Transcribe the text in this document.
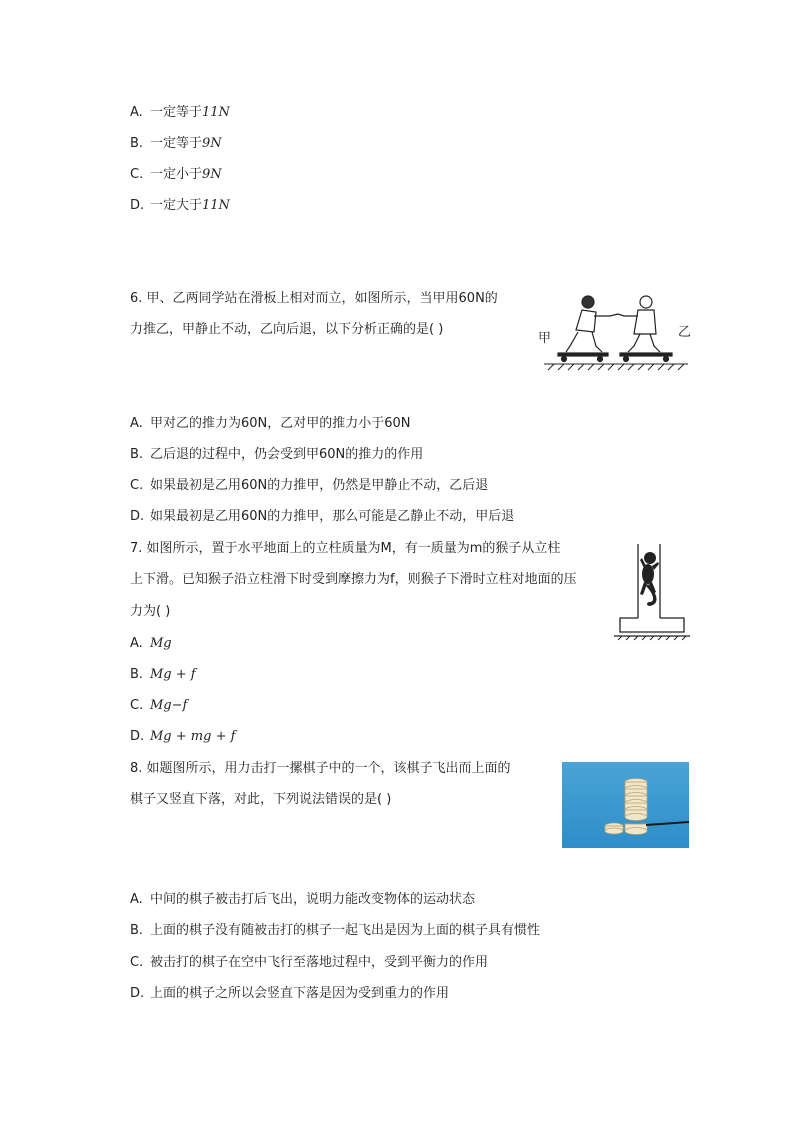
A. 一定等于11N
B. 一定等于9N
C. 一定小于9N
D. 一定大于11N
6. 甲、乙两同学站在滑板上相对而立，如图所示，当甲用60N的
力推乙，甲静止不动，乙向后退，以下分析正确的是( )
甲	乙
A. 甲对乙的推力为60N，乙对甲的推力小于60N
B. 乙后退的过程中，仍会受到甲60N的推力的作用
C. 如果最初是乙用60N的力推甲，仍然是甲静止不动，乙后退
D. 如果最初是乙用60N的力推甲，那么可能是乙静止不动，甲后退
7. 如图所示，置于水平地面上的立柱质量为M，有一质量为m的猴子从立柱
上下滑。已知猴子沿立柱滑下时受到摩擦力为f，则猴子下滑时立柱对地面的压
力为( )
A. Mg
B. Mg + f
C. Mg−f
D. Mg + mg + f
8. 如题图所示，用力击打一摞棋子中的一个，该棋子飞出而上面的
棋子又竖直下落，对此，下列说法错误的是( )
A. 中间的棋子被击打后飞出，说明力能改变物体的运动状态
B. 上面的棋子没有随被击打的棋子一起飞出是因为上面的棋子具有惯性
C. 被击打的棋子在空中飞行至落地过程中，受到平衡力的作用
D. 上面的棋子之所以会竖直下落是因为受到重力的作用
